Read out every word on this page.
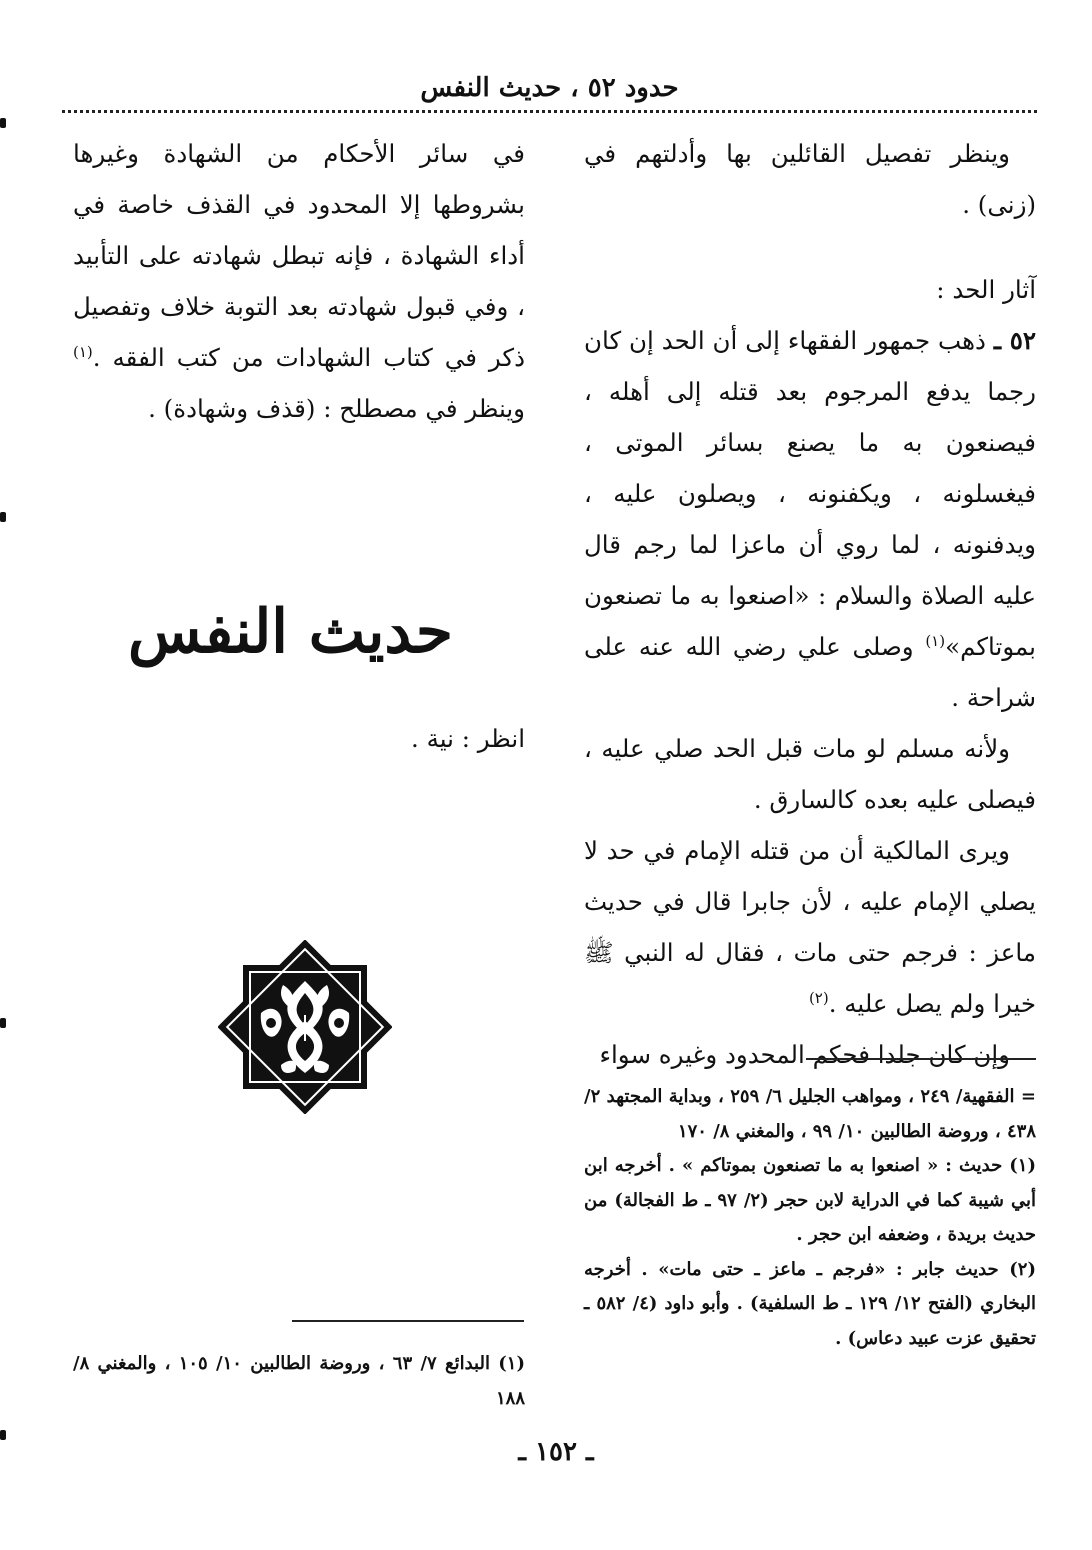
حدود ٥٢ ، حديث النفس

وينظر تفصيل القائلين بها وأدلتهم في (زنى) .

آثار الحد :

٥٢ ـ ذهب جمهور الفقهاء إلى أن الحد إن كان رجما يدفع المرجوم بعد قتله إلى أهله ، فيصنعون به ما يصنع بسائر الموتى ، فيغسلونه ، ويكفنونه ، ويصلون عليه ، ويدفنونه ، لما روي أن ماعزا لما رجم قال عليه الصلاة والسلام : «اصنعوا به ما تصنعون بموتاكم»$^{(١)}$ وصلى علي رضي الله عنه على شراحة .

ولأنه مسلم لو مات قبل الحد صلي عليه ، فيصلى عليه بعده كالسارق .

ويرى المالكية أن من قتله الإمام في حد لا يصلي الإمام عليه ، لأن جابرا قال في حديث ماعز : فرجم حتى مات ، فقال له النبي ﷺ خيرا ولم يصل عليه .$^{(٢)}$

وإن كان جلدا فحكم المحدود وغيره سواء

في سائر الأحكام من الشهادة وغيرها بشروطها إلا المحدود في القذف خاصة في أداء الشهادة ، فإنه تبطل شهادته على التأبيد ، وفي قبول شهادته بعد التوبة خلاف وتفصيل ذكر في كتاب الشهادات من كتب الفقه .$^{(١)}$ وينظر في مصطلح : (قذف وشهادة) .

حديث النفس
انظر : نية .

= الفقهية/ ٢٤٩ ، ومواهب الجليل ٦/ ٢٥٩ ، وبداية المجتهد ٢/ ٤٣٨ ، وروضة الطالبين ١٠/ ٩٩ ، والمغني ٨/ ١٧٠

(١) حديث : « اصنعوا به ما تصنعون بموتاكم » . أخرجه ابن أبي شيبة كما في الدراية لابن حجر (٢/ ٩٧ ـ ط الفجالة) من حديث بريدة ، وضعفه ابن حجر .

(٢) حديث جابر : «فرجم ـ ماعز ـ حتى مات» . أخرجه البخاري (الفتح ١٢/ ١٢٩ ـ ط السلفية) . وأبو داود (٤/ ٥٨٢ ـ تحقيق عزت عبيد دعاس) .

(١) البدائع ٧/ ٦٣ ، وروضة الطالبين ١٠/ ١٠٥ ، والمغني ٨/ ١٨٨

ـ ١٥٢ ـ
